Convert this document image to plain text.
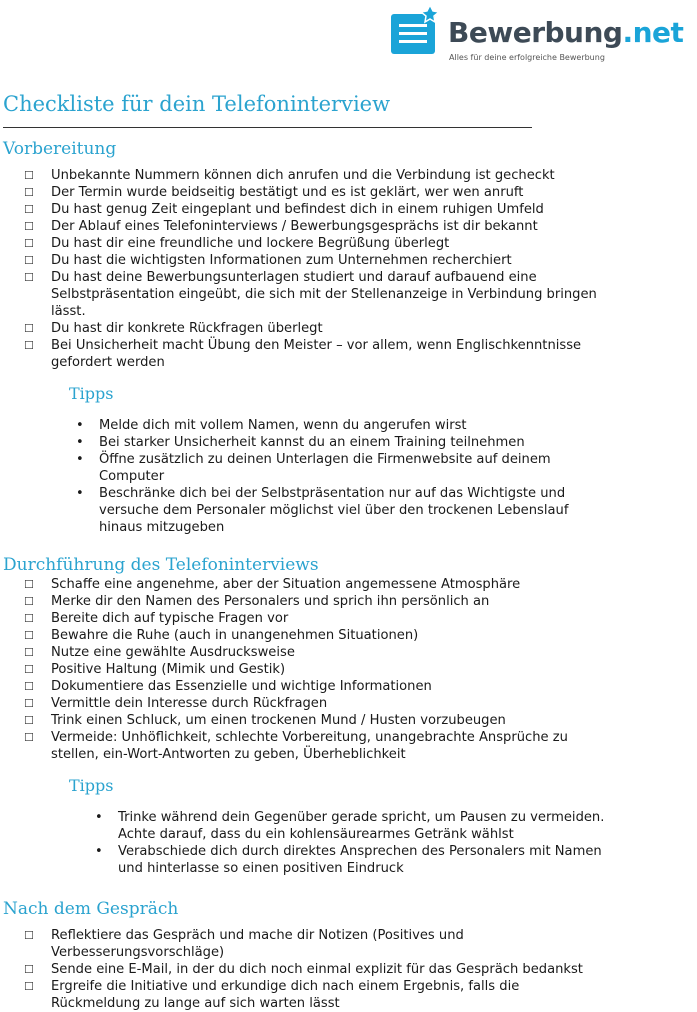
Bewerbung.net
Alles für deine erfolgreiche Bewerbung
Checkliste für dein Telefoninterview
Vorbereitung
☐ Unbekannte Nummern können dich anrufen und die Verbindung ist gecheckt
☐ Der Termin wurde beidseitig bestätigt und es ist geklärt, wer wen anruft
☐ Du hast genug Zeit eingeplant und befindest dich in einem ruhigen Umfeld
☐ Der Ablauf eines Telefoninterviews / Bewerbungsgesprächs ist dir bekannt
☐ Du hast dir eine freundliche und lockere Begrüßung überlegt
☐ Du hast die wichtigsten Informationen zum Unternehmen recherchiert
☐ Du hast deine Bewerbungsunterlagen studiert und darauf aufbauend eine
Selbstpräsentation eingeübt, die sich mit der Stellenanzeige in Verbindung bringen
lässt.
☐ Du hast dir konkrete Rückfragen überlegt
☐ Bei Unsicherheit macht Übung den Meister – vor allem, wenn Englischkenntnisse
gefordert werden
Tipps
• Melde dich mit vollem Namen, wenn du angerufen wirst
• Bei starker Unsicherheit kannst du an einem Training teilnehmen
• Öffne zusätzlich zu deinen Unterlagen die Firmenwebsite auf deinem
Computer
• Beschränke dich bei der Selbstpräsentation nur auf das Wichtigste und
versuche dem Personaler möglichst viel über den trockenen Lebenslauf
hinaus mitzugeben
Durchführung des Telefoninterviews
☐ Schaffe eine angenehme, aber der Situation angemessene Atmosphäre
☐ Merke dir den Namen des Personalers und sprich ihn persönlich an
☐ Bereite dich auf typische Fragen vor
☐ Bewahre die Ruhe (auch in unangenehmen Situationen)
☐ Nutze eine gewählte Ausdrucksweise
☐ Positive Haltung (Mimik und Gestik)
☐ Dokumentiere das Essenzielle und wichtige Informationen
☐ Vermittle dein Interesse durch Rückfragen
☐ Trink einen Schluck, um einen trockenen Mund / Husten vorzubeugen
☐ Vermeide: Unhöflichkeit, schlechte Vorbereitung, unangebrachte Ansprüche zu
stellen, ein-Wort-Antworten zu geben, Überheblichkeit
Tipps
• Trinke während dein Gegenüber gerade spricht, um Pausen zu vermeiden.
Achte darauf, dass du ein kohlensäurearmes Getränk wählst
• Verabschiede dich durch direktes Ansprechen des Personalers mit Namen
und hinterlasse so einen positiven Eindruck
Nach dem Gespräch
☐ Reflektiere das Gespräch und mache dir Notizen (Positives und
Verbesserungsvorschläge)
☐ Sende eine E-Mail, in der du dich noch einmal explizit für das Gespräch bedankst
☐ Ergreife die Initiative und erkundige dich nach einem Ergebnis, falls die
Rückmeldung zu lange auf sich warten lässt
